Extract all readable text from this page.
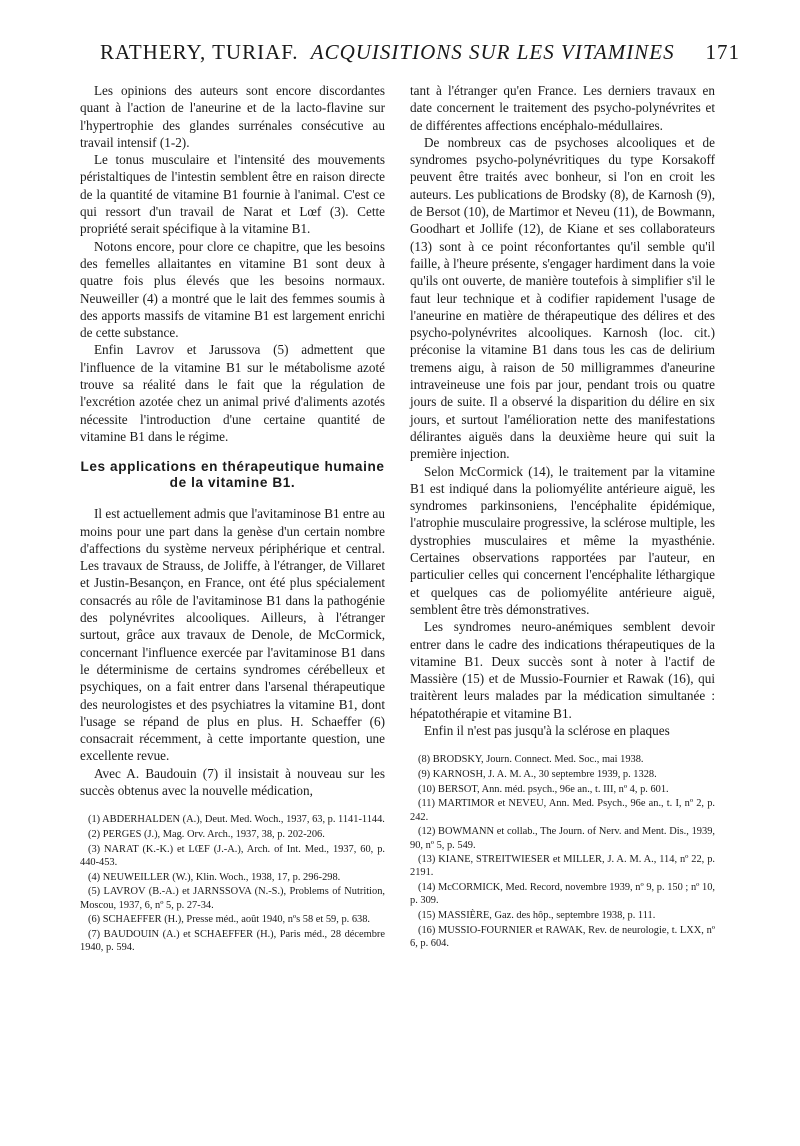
RATHERY, TURIAF. ACQUISITIONS SUR LES VITAMINES 171

Les opinions des auteurs sont encore discordantes quant à l'action de l'aneurine et de la lacto-flavine sur l'hypertrophie des glandes surrénales consécutive au travail intensif (1-2).

Le tonus musculaire et l'intensité des mouvements péristaltiques de l'intestin semblent être en raison directe de la quantité de vitamine B1 fournie à l'animal. C'est ce qui ressort d'un travail de Narat et Lœf (3). Cette propriété serait spécifique à la vitamine B1.

Notons encore, pour clore ce chapitre, que les besoins des femelles allaitantes en vitamine B1 sont deux à quatre fois plus élevés que les besoins normaux. Neuweiller (4) a montré que le lait des femmes soumis à des apports massifs de vitamine B1 est largement enrichi de cette substance.

Enfin Lavrov et Jarussova (5) admettent que l'influence de la vitamine B1 sur le métabolisme azoté trouve sa réalité dans le fait que la régulation de l'excrétion azotée chez un animal privé d'aliments azotés nécessite l'introduction d'une certaine quantité de vitamine B1 dans le régime.

Les applications en thérapeutique humaine de la vitamine B1.

Il est actuellement admis que l'avitaminose B1 entre au moins pour une part dans la genèse d'un certain nombre d'affections du système nerveux périphérique et central. Les travaux de Strauss, de Joliffe, à l'étranger, de Villaret et Justin-Besançon, en France, ont été plus spécialement consacrés au rôle de l'avitaminose B1 dans la pathogénie des polynévrites alcooliques. Ailleurs, à l'étranger surtout, grâce aux travaux de Denole, de McCormick, concernant l'influence exercée par l'avitaminose B1 dans le déterminisme de certains syndromes cérébelleux et psychiques, on a fait entrer dans l'arsenal thérapeutique des neurologistes et des psychiatres la vitamine B1, dont l'usage se répand de plus en plus. H. Schaeffer (6) consacrait récemment, à cette importante question, une excellente revue.

Avec A. Baudouin (7) il insistait à nouveau sur les succès obtenus avec la nouvelle médication,

(1) ABDERHALDEN (A.), Deut. Med. Woch., 1937, 63, p. 1141-1144.

(2) PERGES (J.), Mag. Orv. Arch., 1937, 38, p. 202-206.

(3) NARAT (K.-K.) et LŒF (J.-A.), Arch. of Int. Med., 1937, 60, p. 440-453.

(4) NEUWEILLER (W.), Klin. Woch., 1938, 17, p. 296-298.

(5) LAVROV (B.-A.) et JARNSSOVA (N.-S.), Problems of Nutrition, Moscou, 1937, 6, nº 5, p. 27-34.

(6) SCHAEFFER (H.), Presse méd., août 1940, nºs 58 et 59, p. 638.

(7) BAUDOUIN (A.) et SCHAEFFER (H.), Paris méd., 28 décembre 1940, p. 594.

tant à l'étranger qu'en France. Les derniers travaux en date concernent le traitement des psycho-polynévrites et de différentes affections encéphalo-médullaires.

De nombreux cas de psychoses alcooliques et de syndromes psycho-polynévritiques du type Korsakoff peuvent être traités avec bonheur, si l'on en croit les auteurs. Les publications de Brodsky (8), de Karnosh (9), de Bersot (10), de Martimor et Neveu (11), de Bowmann, Goodhart et Jollife (12), de Kiane et ses collaborateurs (13) sont à ce point réconfortantes qu'il semble qu'il faille, à l'heure présente, s'engager hardiment dans la voie qu'ils ont ouverte, de manière toutefois à simplifier s'il le faut leur technique et à codifier rapidement l'usage de l'aneurine en matière de thérapeutique des délires et des psycho-polynévrites alcooliques. Karnosh (loc. cit.) préconise la vitamine B1 dans tous les cas de delirium tremens aigu, à raison de 50 milligrammes d'aneurine intraveineuse une fois par jour, pendant trois ou quatre jours de suite. Il a observé la disparition du délire en six jours, et surtout l'amélioration nette des manifestations délirantes aiguës dans la deuxième heure qui suit la première injection.

Selon McCormick (14), le traitement par la vitamine B1 est indiqué dans la poliomyélite antérieure aiguë, les syndromes parkinsoniens, l'encéphalite épidémique, l'atrophie musculaire progressive, la sclérose multiple, les dystrophies musculaires et même la myasthénie. Certaines observations rapportées par l'auteur, en particulier celles qui concernent l'encéphalite léthargique et quelques cas de poliomyélite antérieure aiguë, semblent être très démonstratives.

Les syndromes neuro-anémiques semblent devoir entrer dans le cadre des indications thérapeutiques de la vitamine B1. Deux succès sont à noter à l'actif de Massière (15) et de Mussio-Fournier et Rawak (16), qui traitèrent leurs malades par la médication simultanée : hépatothérapie et vitamine B1.

Enfin il n'est pas jusqu'à la sclérose en plaques

(8) BRODSKY, Journ. Connect. Med. Soc., mai 1938.

(9) KARNOSH, J. A. M. A., 30 septembre 1939, p. 1328.

(10) BERSOT, Ann. méd. psych., 96e an., t. III, nº 4, p. 601.

(11) MARTIMOR et NEVEU, Ann. Med. Psych., 96e an., t. I, nº 2, p. 242.

(12) BOWMANN et collab., The Journ. of Nerv. and Ment. Dis., 1939, 90, nº 5, p. 549.

(13) KIANE, STREITWIESER et MILLER, J. A. M. A., 114, nº 22, p. 2191.

(14) McCORMICK, Med. Record, novembre 1939, nº 9, p. 150 ; nº 10, p. 309.

(15) MASSIÈRE, Gaz. des hôp., septembre 1938, p. 111.

(16) MUSSIO-FOURNIER et RAWAK, Rev. de neurologie, t. LXX, nº 6, p. 604.
